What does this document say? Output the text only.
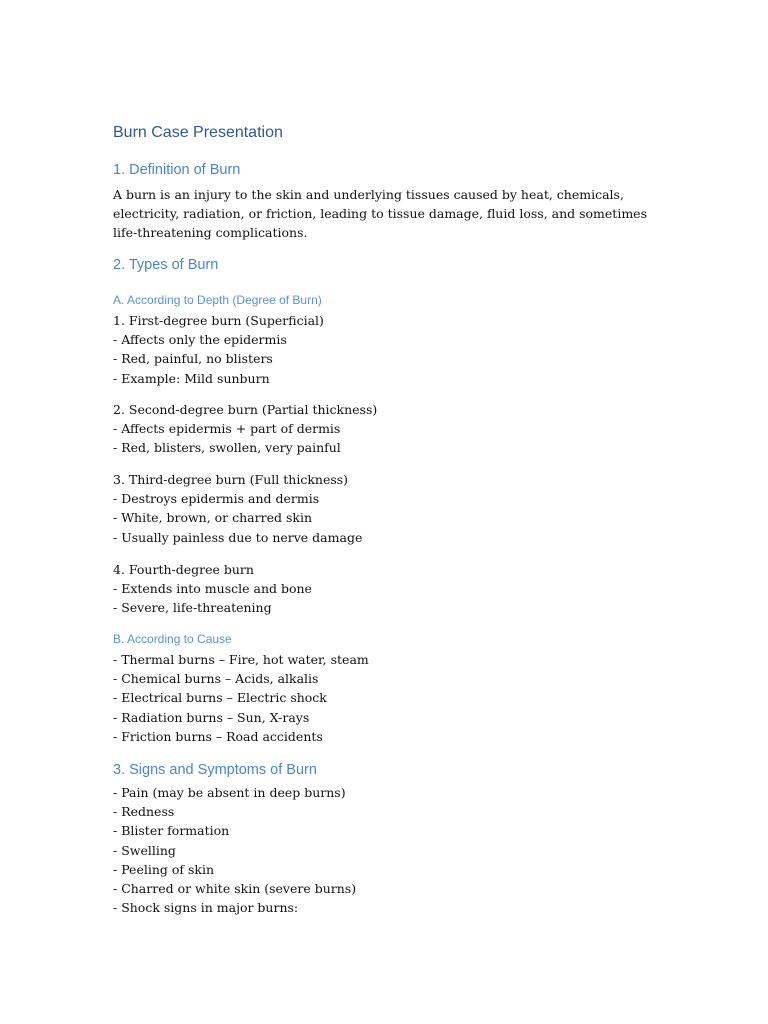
Burn Case Presentation
1. Definition of Burn
A burn is an injury to the skin and underlying tissues caused by heat, chemicals, electricity, radiation, or friction, leading to tissue damage, fluid loss, and sometimes life-threatening complications.
2. Types of Burn
A. According to Depth (Degree of Burn)
1. First-degree burn (Superficial)
- Affects only the epidermis
- Red, painful, no blisters
- Example: Mild sunburn
2. Second-degree burn (Partial thickness)
- Affects epidermis + part of dermis
- Red, blisters, swollen, very painful
3. Third-degree burn (Full thickness)
- Destroys epidermis and dermis
- White, brown, or charred skin
- Usually painless due to nerve damage
4. Fourth-degree burn
- Extends into muscle and bone
- Severe, life-threatening
B. According to Cause
- Thermal burns – Fire, hot water, steam
- Chemical burns – Acids, alkalis
- Electrical burns – Electric shock
- Radiation burns – Sun, X-rays
- Friction burns – Road accidents
3. Signs and Symptoms of Burn
- Pain (may be absent in deep burns)
- Redness
- Blister formation
- Swelling
- Peeling of skin
- Charred or white skin (severe burns)
- Shock signs in major burns:
